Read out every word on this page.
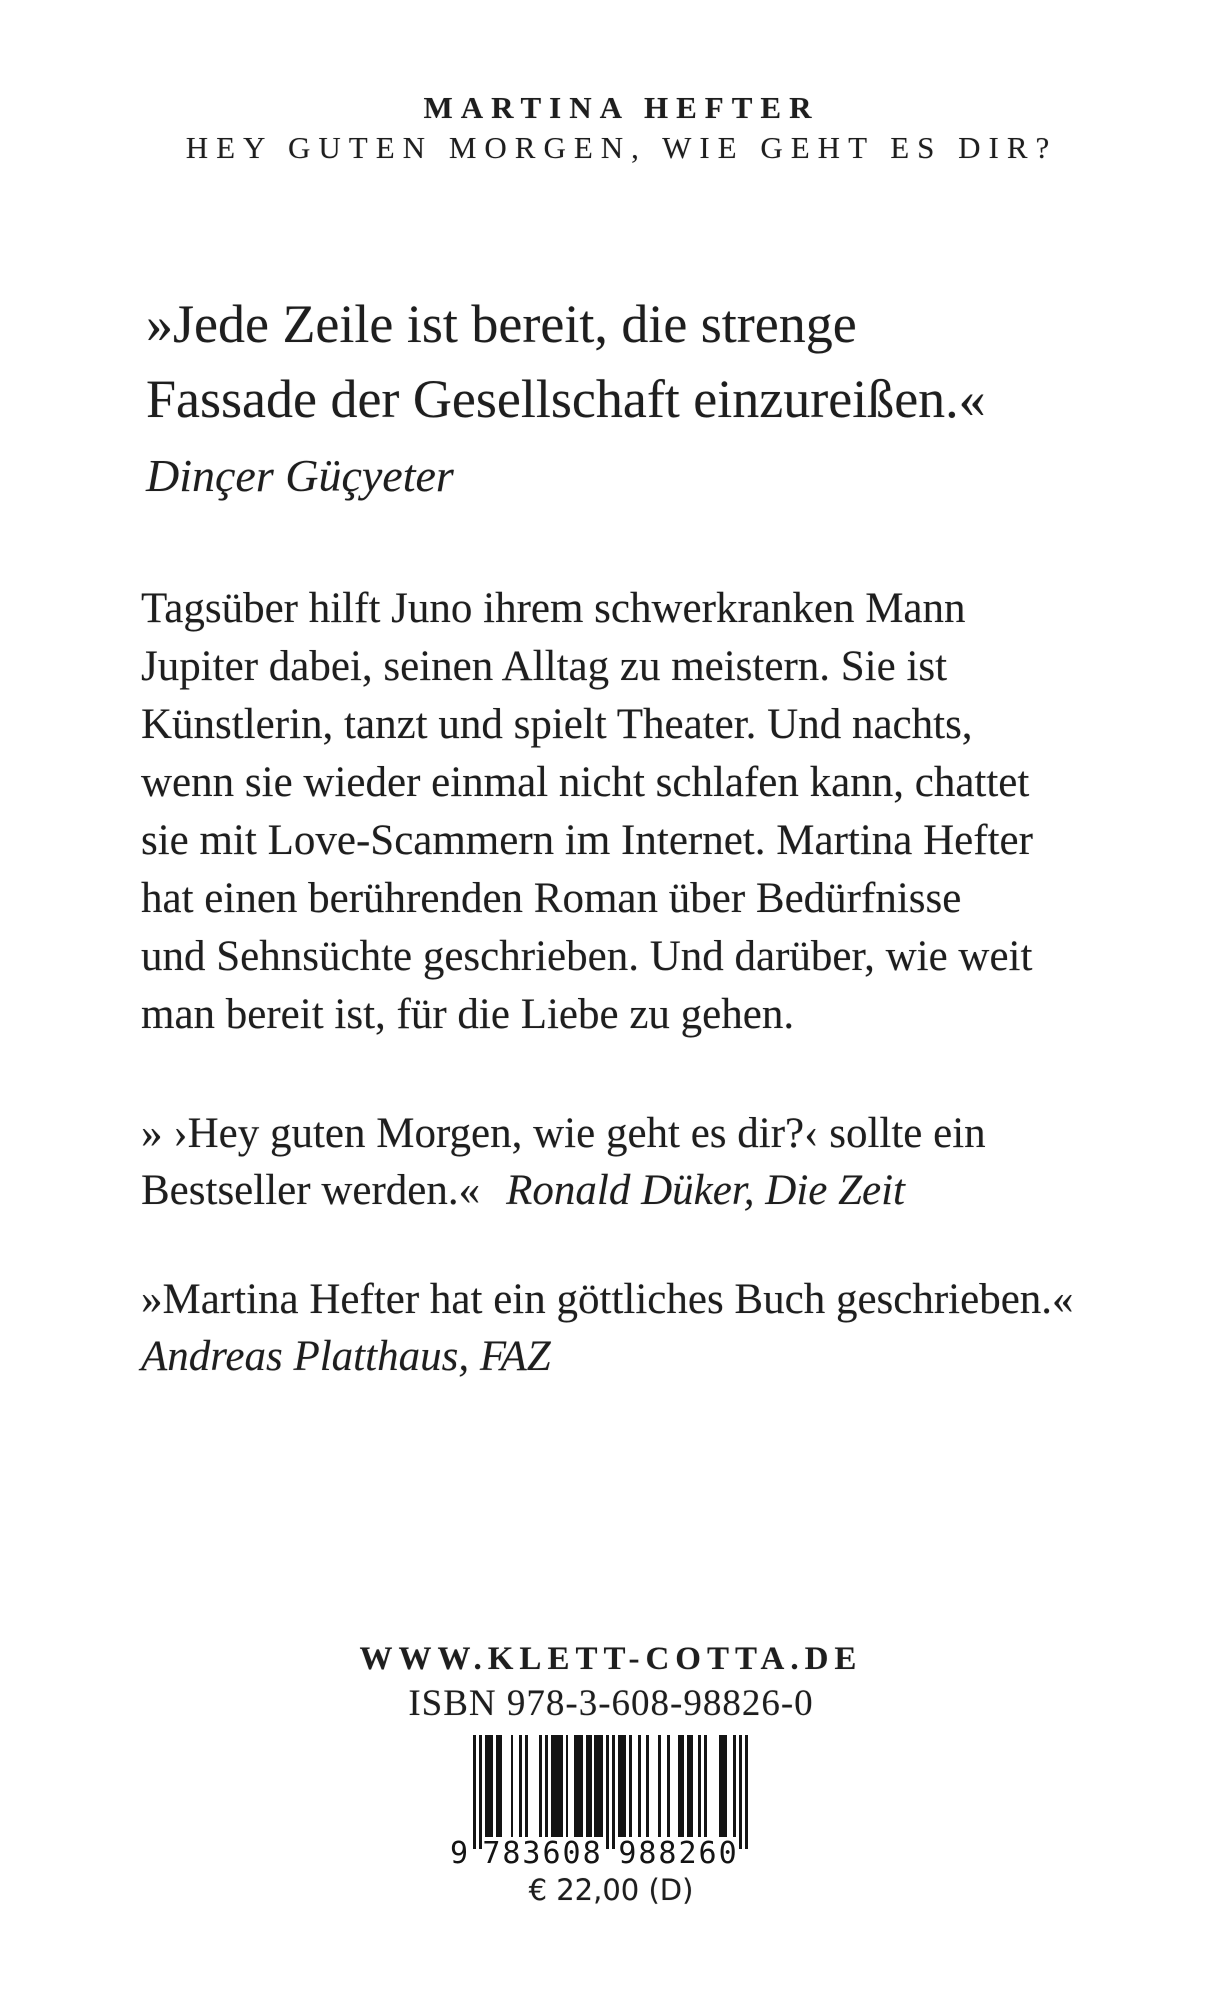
MARTINA HEFTER
HEY GUTEN MORGEN, WIE GEHT ES DIR?
»Jede Zeile ist bereit, die strenge
Fassade der Gesellschaft einzureißen.«
Dinçer Güçyeter
Tagsüber hilft Juno ihrem schwerkranken Mann
Jupiter dabei, seinen Alltag zu meistern. Sie ist
Künstlerin, tanzt und spielt Theater. Und nachts,
wenn sie wieder einmal nicht schlafen kann, chattet
sie mit Love-Scammern im Internet. Martina Hefter
hat einen berührenden Roman über Bedürfnisse
und Sehnsüchte geschrieben. Und darüber, wie weit
man bereit ist, für die Liebe zu gehen.
» ›Hey guten Morgen, wie geht es dir?‹ sollte ein
Bestseller werden.« Ronald Düker, Die Zeit
»Martina Hefter hat ein göttliches Buch geschrieben.«
Andreas Platthaus, FAZ
WWW.KLETT-COTTA.DE
ISBN 978-3-608-98826-0
9 783608 988260
€ 22,00 (D)
